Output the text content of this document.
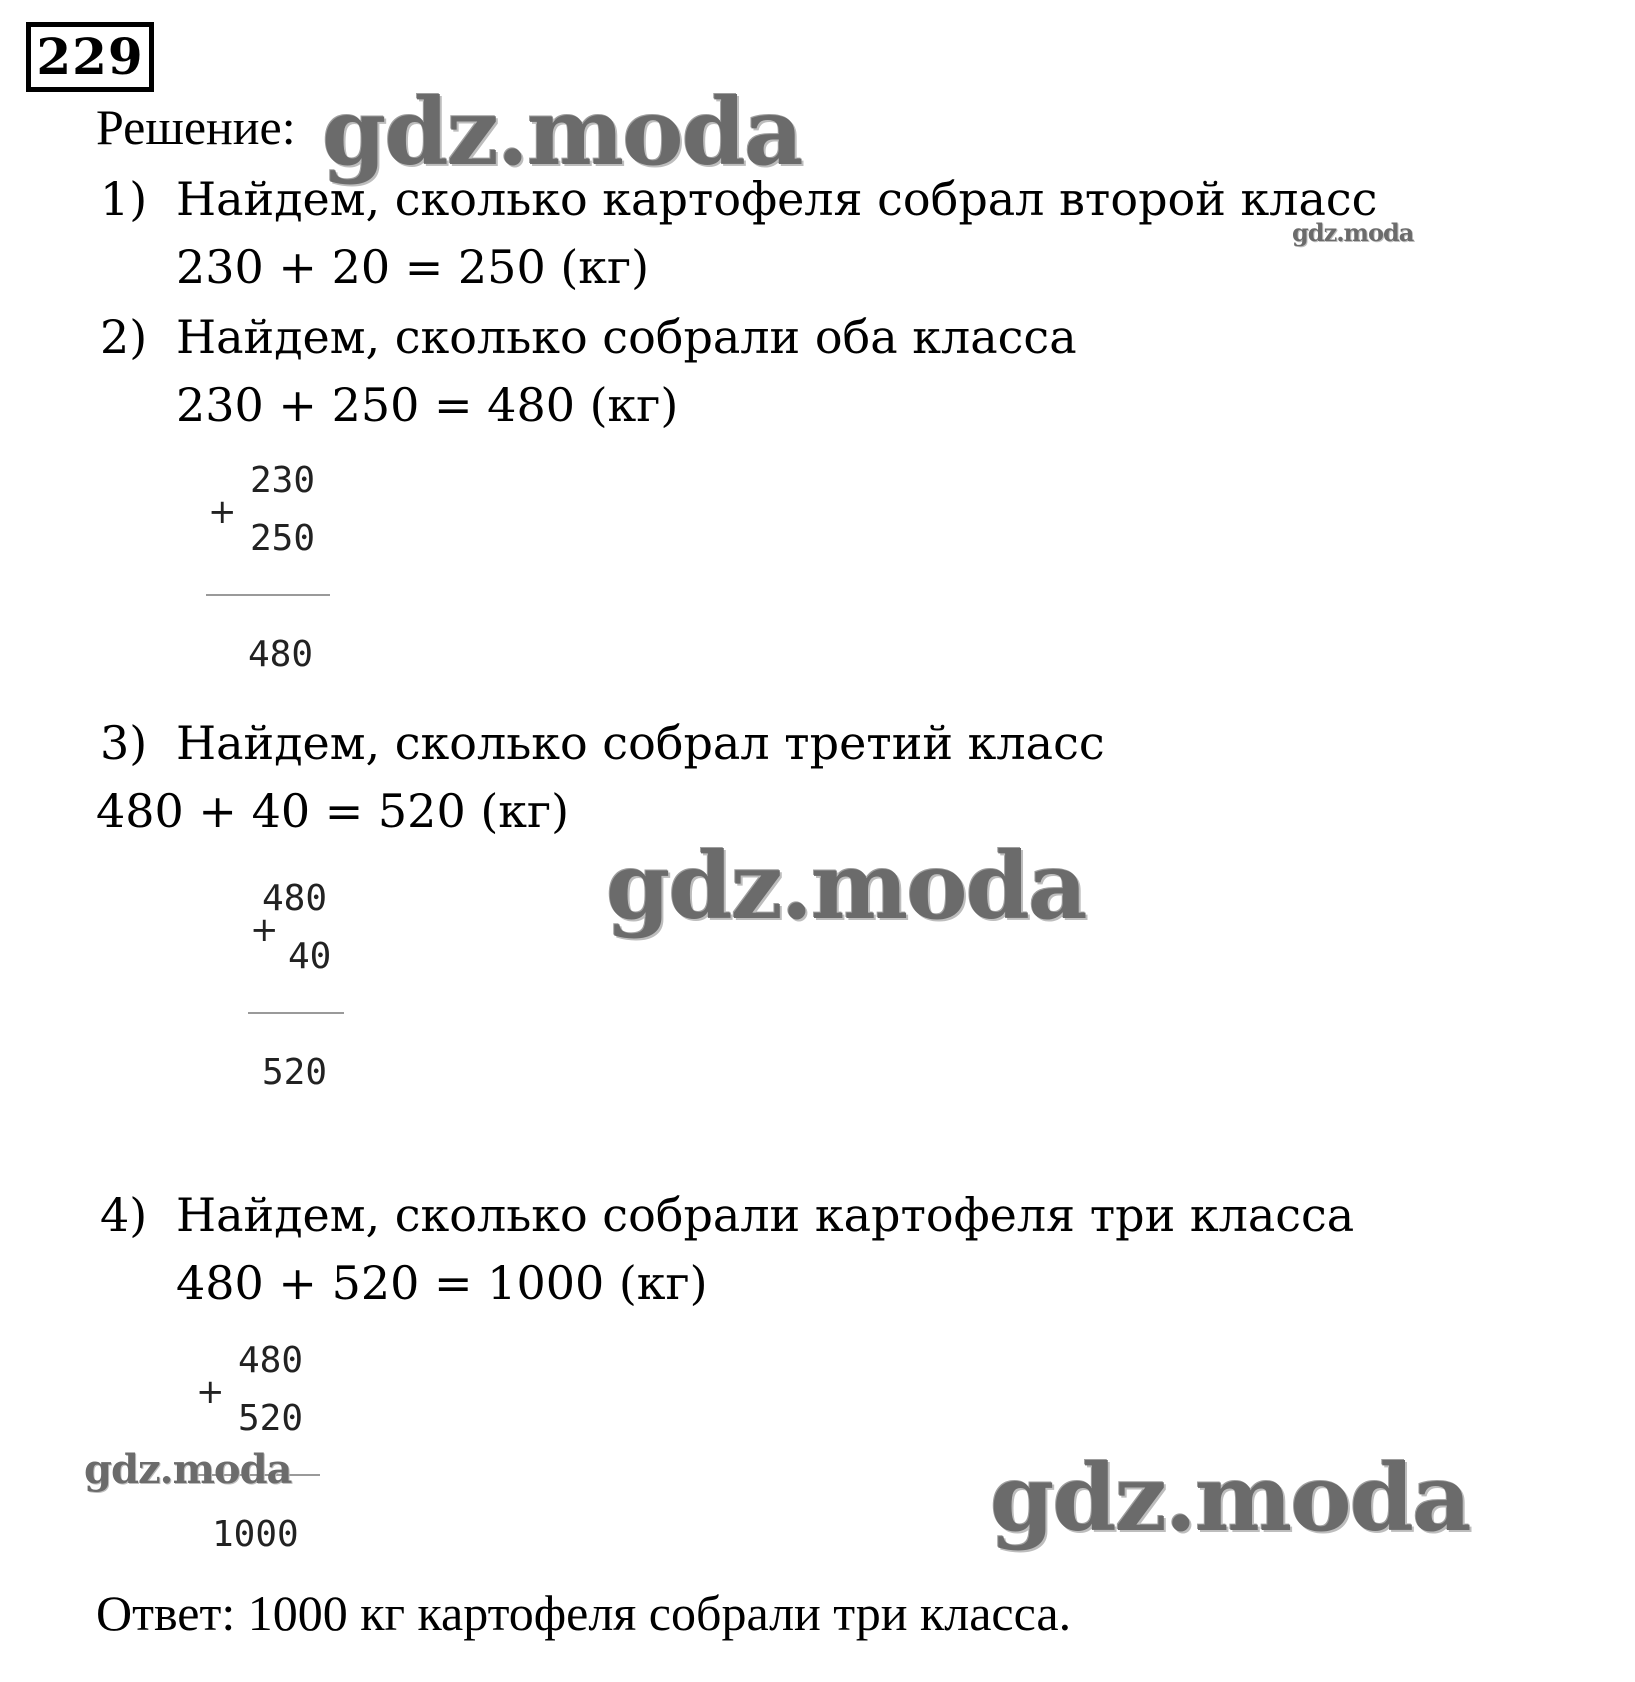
229
Решение:
1) Найдем, сколько картофеля собрал второй класс
230 + 20 = 250 (кг)
2) Найдем, сколько собрали оба класса
230 + 250 = 480 (кг)
230
+
250
480
3) Найдем, сколько собрал третий класс
480 + 40 = 520 (кг)
480
+
40
520
4) Найдем, сколько собрали картофеля три класса
480 + 520 = 1000 (кг)
480
+
520
1000
Ответ: 1000 кг картофеля собрали три класса.
gdz.moda
gdz.moda
gdz.moda
gdz.moda	gdz.moda
